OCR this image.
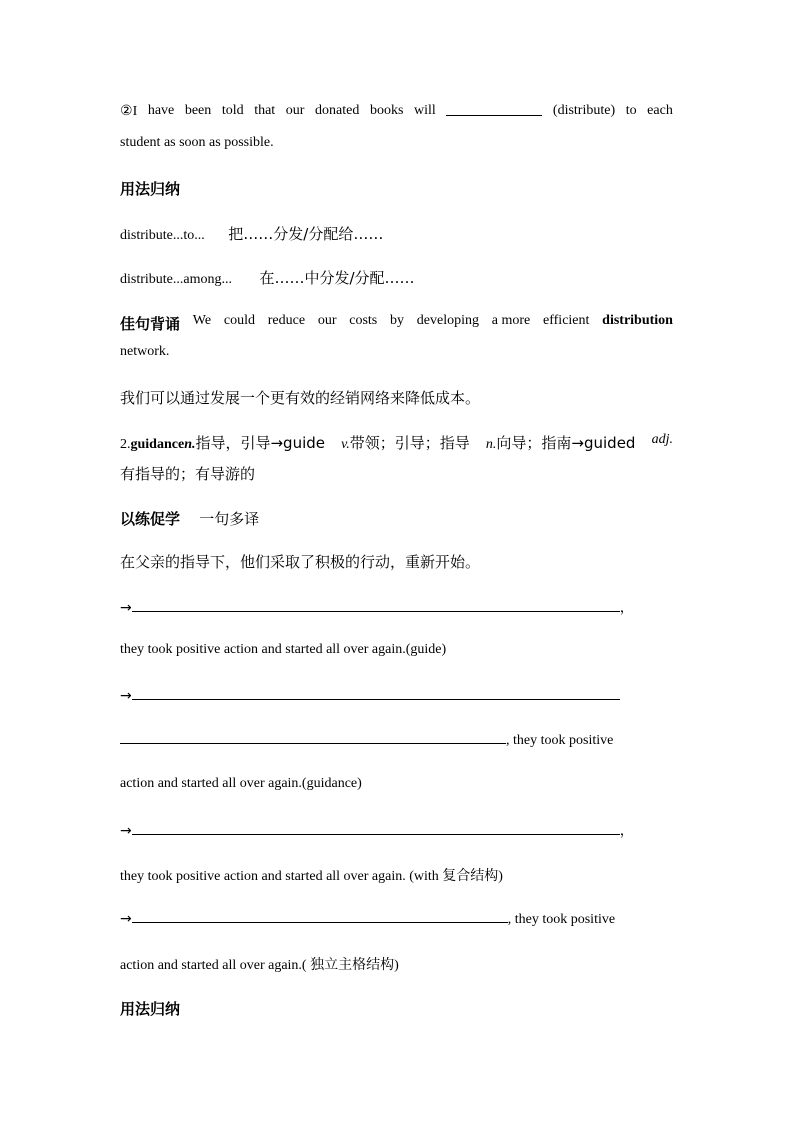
②I have been told that our donated books will	(distribute) to each
student as soon as possible.
用法归纳
distribute...to... 把……分发/分配给……
distribute...among... 在……中分发/分配……
佳句背诵 We could reduce our costs by developing a more efficient distribution
network.
我们可以通过发展一个更有效的经销网络来降低成本。
2.guidancen.指导，引导→guide v.带领；引导；指导 n.向导；指南→guided adj.
有指导的；有导游的
以练促学 一句多译
在父亲的指导下，他们采取了积极的行动，重新开始。
→	，
they took positive action and started all over again.(guide)
→
, they took positive
action and started all over again.(guidance)
→	，
they took positive action and started all over again. (with 复合结构)
→	, they took positive
action and started all over again.( 独立主格结构)
用法归纳
